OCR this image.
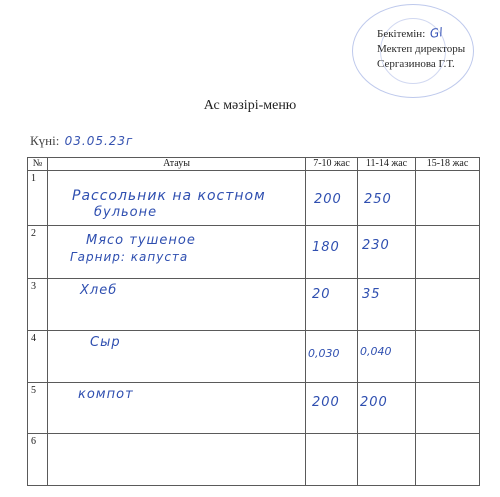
Бекітемін: Gl
Мектеп директоры
Сергазинова Г.Т.
Ас мәзірі-меню
Күні: 03.05.23г
№	Атауы	7-10 жас	11-14 жас	15-18 жас
1	Рассольник на костном
бульоне	200	250	

2	Мясо тушеное
Гарнир: капуста	180	230	

3	Хлеб	20	35	

4	Сыр	0,030	0,040	

5	компот	200	200	

6				
